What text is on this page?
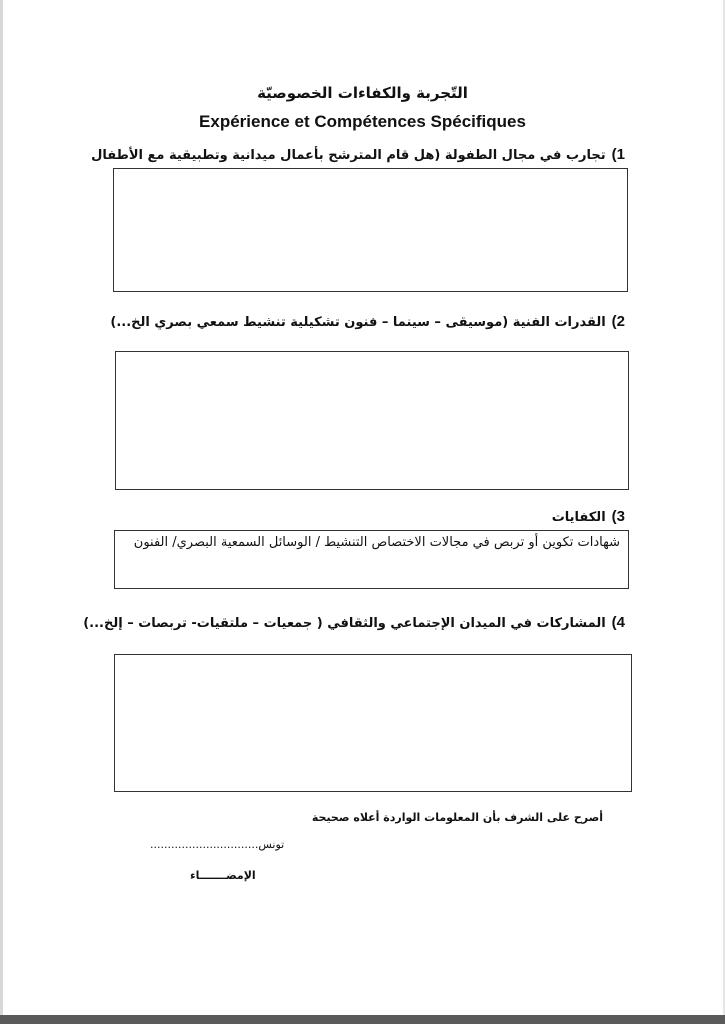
التّجربة والكفاءات الخصوصيّة
Expérience et Compétences Spécifiques
1)تجارب في مجال الطفولة (هل قام المترشح بأعمال ميدانية وتطبيقية مع الأطفال
2)القدرات الفنية (موسيقى – سينما – فنون تشكيلية تنشيط سمعي بصري الخ...)
3)الكفايات
شهادات تكوين أو تربص في مجالات الاختصاص التنشيط / الوسائل السمعية البصري/ الفنون
4)المشاركات في الميدان الإجتماعي والثقافي ( جمعيات – ملتقيات- تربصات – إلخ...)
أصرح على الشرف بأن المعلومات الواردة أعلاه صحيحة
تونس...............................
الإمضـــــــاء
